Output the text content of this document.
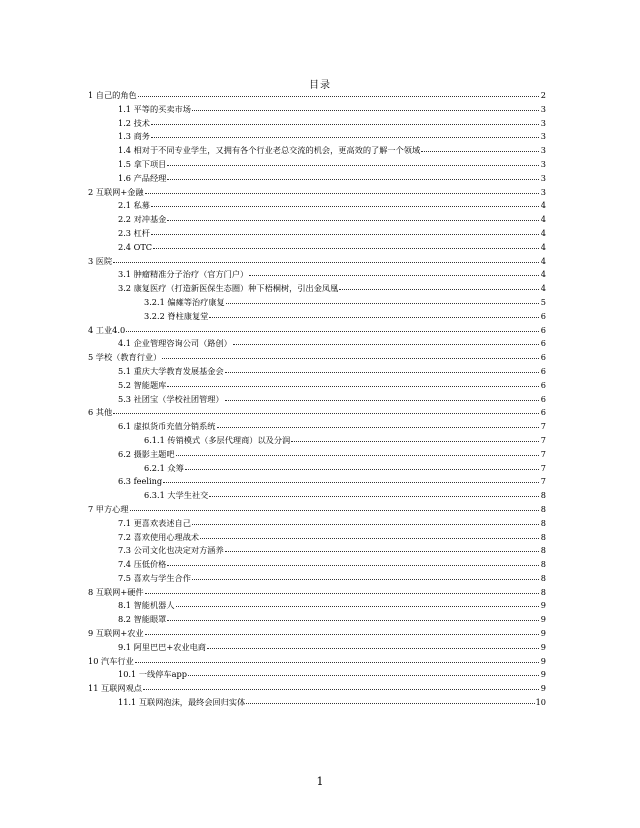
目录
1 自己的角色	2
1.1 平等的买卖市场	3
1.2 技术	3
1.3 商务	3
1.4 相对于不同专业学生，又拥有各个行业老总交流的机会，更高效的了解一个领域	3
1.5 拿下项目	3
1.6 产品经理	3
2 互联网+金融	3
2.1 私募	4
2.2 对冲基金	4
2.3 杠杆	4
2.4 OTC	4
3 医院	4
3.1 肿瘤精准分子治疗（官方门户）	4
3.2 康复医疗（打造新医保生态圈）种下梧桐树，引出金凤凰	4
3.2.1 偏瘫等治疗康复	5
3.2.2 脊柱康复堂	6
4 工业4.0	6
4.1 企业管理咨询公司（路创）	6
5 学校（教育行业）	6
5.1 重庆大学教育发展基金会	6
5.2 智能题库	6
5.3 社团宝（学校社团管理）	6
6 其他	6
6.1 虚拟货币充值分销系统	7
6.1.1 传销模式（多层代理商）以及分润	7
6.2 摄影主题吧	7
6.2.1 众筹	7
6.3 feeling	7
6.3.1 大学生社交	8
7 甲方心理	8
7.1 更喜欢表述自己	8
7.2 喜欢使用心理战术	8
7.3 公司文化也决定对方涵养	8
7.4 压低价格	8
7.5 喜欢与学生合作	8
8 互联网+硬件	8
8.1 智能机器人	9
8.2 智能眼罩	9
9 互联网+农业	9
9.1 阿里巴巴+农业电商	9
10 汽车行业	9
10.1 一线停车app	9
11 互联网观点	9
11.1 互联网泡沫，最终会回归实体	10
1
